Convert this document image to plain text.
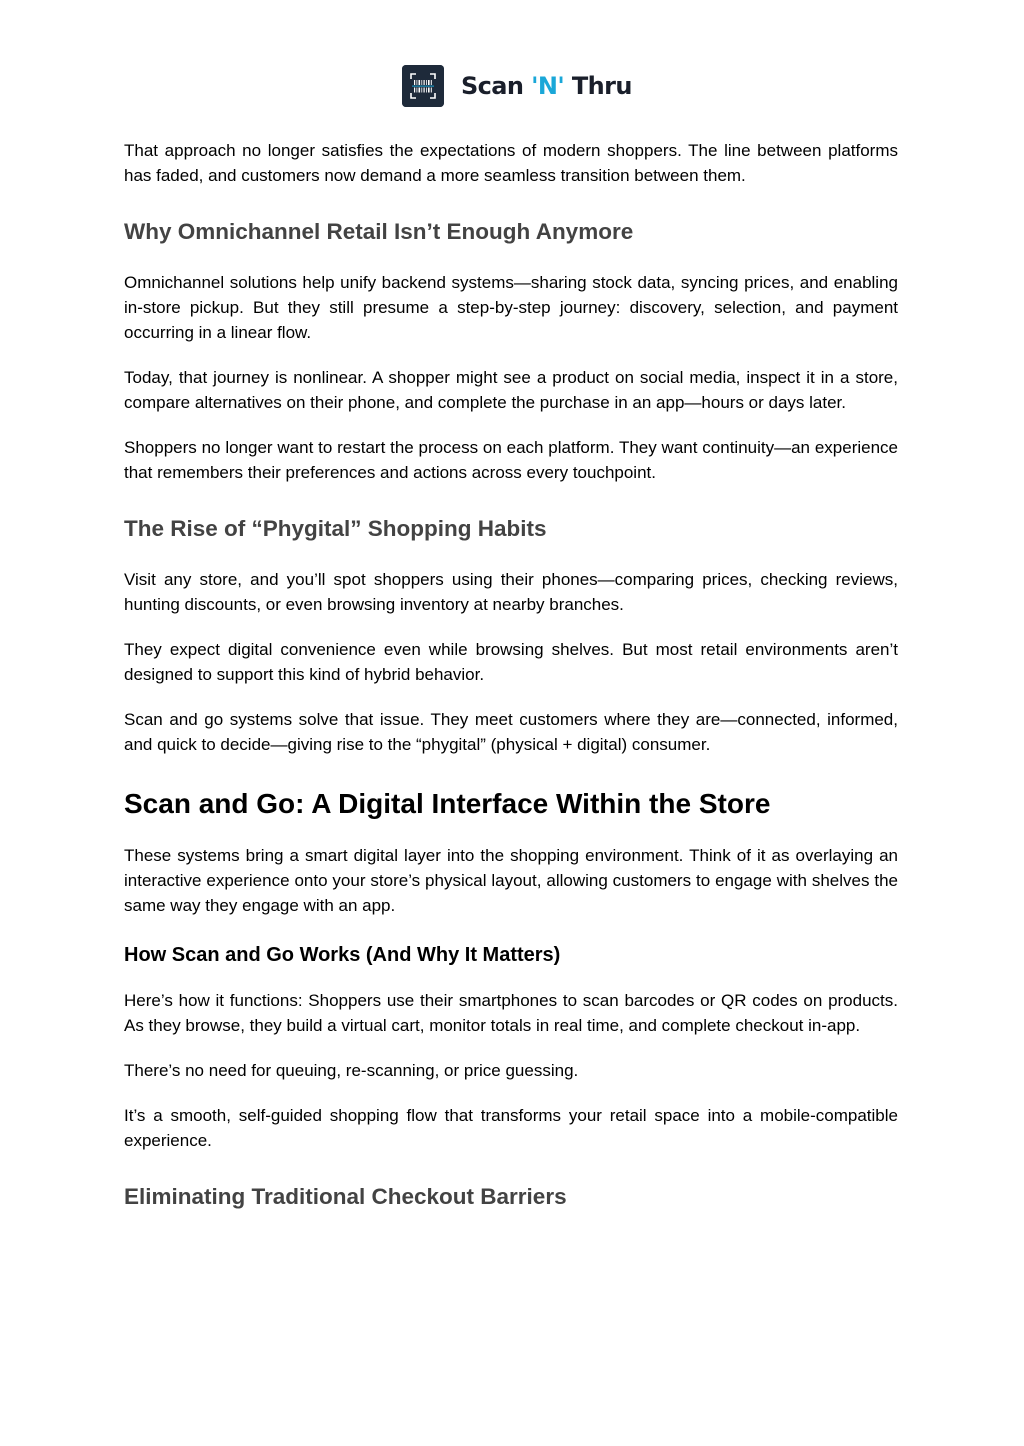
Scan 'N' Thru

That approach no longer satisfies the expectations of modern shoppers. The line between platforms has faded, and customers now demand a more seamless transition between them.

Why Omnichannel Retail Isn’t Enough Anymore

Omnichannel solutions help unify backend systems—sharing stock data, syncing prices, and enabling in-store pickup. But they still presume a step-by-step journey: discovery, selection, and payment occurring in a linear flow.

Today, that journey is nonlinear. A shopper might see a product on social media, inspect it in a store, compare alternatives on their phone, and complete the purchase in an app—hours or days later.

Shoppers no longer want to restart the process on each platform. They want continuity—an experience that remembers their preferences and actions across every touchpoint.

The Rise of “Phygital” Shopping Habits

Visit any store, and you’ll spot shoppers using their phones—comparing prices, checking reviews, hunting discounts, or even browsing inventory at nearby branches.

They expect digital convenience even while browsing shelves. But most retail environments aren’t designed to support this kind of hybrid behavior.

Scan and go systems solve that issue. They meet customers where they are—connected, informed, and quick to decide—giving rise to the “phygital” (physical + digital) consumer.

Scan and Go: A Digital Interface Within the Store

These systems bring a smart digital layer into the shopping environment. Think of it as overlaying an interactive experience onto your store’s physical layout, allowing customers to engage with shelves the same way they engage with an app.

How Scan and Go Works (And Why It Matters)

Here’s how it functions: Shoppers use their smartphones to scan barcodes or QR codes on products. As they browse, they build a virtual cart, monitor totals in real time, and complete checkout in-app.

There’s no need for queuing, re-scanning, or price guessing.

It’s a smooth, self-guided shopping flow that transforms your retail space into a mobile-compatible experience.

Eliminating Traditional Checkout Barriers
